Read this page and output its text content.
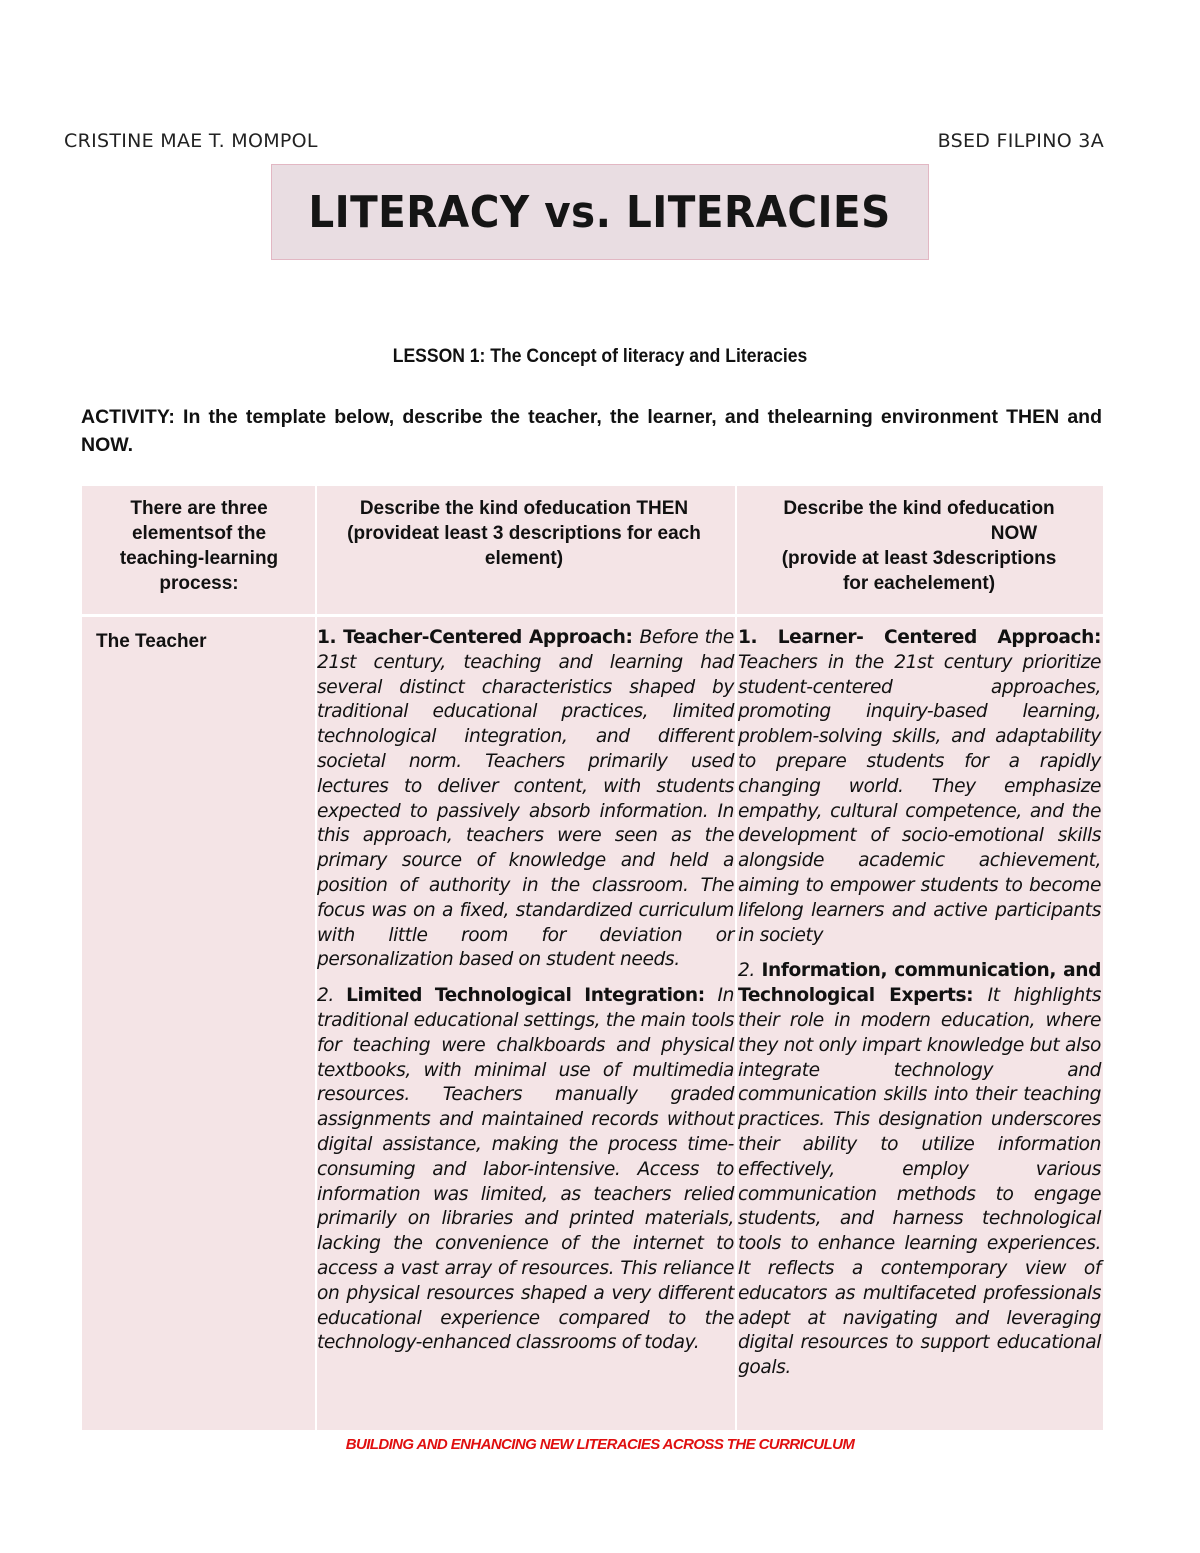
CRISTINE MAE T. MOMPOL	BSED FILPINO 3A
LITERACY vs. LITERACIES
LESSON 1: The Concept of literacy and Literacies
ACTIVITY: In the template below, describe the teacher, the learner, and thelearning environment THEN and NOW.
There are three elementsof the teaching-learning process:
Describe the kind ofeducation THEN (provideat least 3 descriptions for each element)
Describe the kind ofeducation
NOW
(provide at least 3descriptions
for eachelement)
The Teacher	1. Teacher-Centered Approach: Before the 21st century, teaching and learning had several distinct characteristics shaped by traditional educational practices, limited technological integration, and different societal norm. Teachers primarily used lectures to deliver content, with students expected to passively absorb information. In this approach, teachers were seen as the primary source of knowledge and held a position of authority in the classroom. The focus was on a fixed, standardized curriculum with little room for deviation or personalization based on student needs.

2. Limited Technological Integration: In traditional educational settings, the main tools for teaching were chalkboards and physical textbooks, with minimal use of multimedia resources. Teachers manually graded assignments and maintained records without digital assistance, making the process time-consuming and labor-intensive. Access to information was limited, as teachers relied primarily on libraries and printed materials, lacking the convenience of the internet to access a vast array of resources. This reliance on physical resources shaped a very different educational experience compared to the technology-enhanced classrooms of today.

1. Learner- Centered Approach: Teachers in the 21st century prioritize student-centered approaches, promoting inquiry-based learning, problem-solving skills, and adaptability to prepare students for a rapidly changing world. They emphasize empathy, cultural competence, and the development of socio-emotional skills alongside academic achievement, aiming to empower students to become lifelong learners and active participants in society

2. Information, communication, and Technological Experts: It highlights their role in modern education, where they not only impart knowledge but also integrate technology and communication skills into their teaching practices. This designation underscores their ability to utilize information effectively, employ various communication methods to engage students, and harness technological tools to enhance learning experiences. It reflects a contemporary view of educators as multifaceted professionals adept at navigating and leveraging digital resources to support educational goals.

BUILDING AND ENHANCING NEW LITERACIES ACROSS THE CURRICULUM
